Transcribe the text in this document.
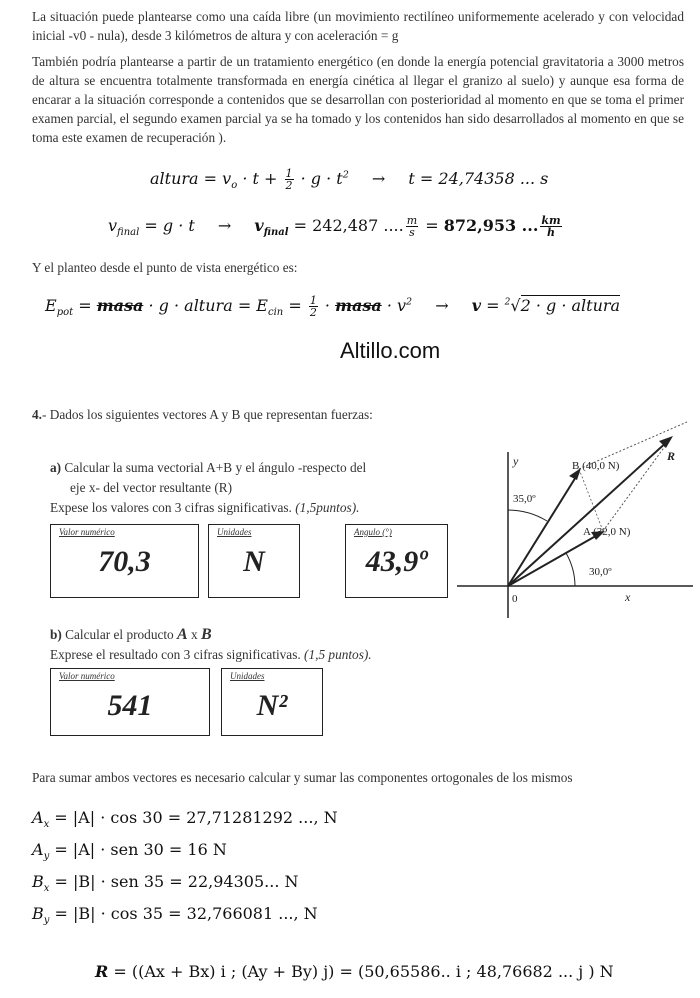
La situación puede plantearse como una caída libre (un movimiento rectilíneo uniformemente acelerado y con velocidad inicial -v0 - nula), desde 3 kilómetros de altura y con aceleración = g
También podría plantearse a partir de un tratamiento energético (en donde la energía potencial gravitatoria a 3000 metros de altura se encuentra totalmente transformada en energía cinética al llegar el granizo al suelo) y aunque esa forma de encarar a la situación corresponde a contenidos que se desarrollan con posterioridad al momento en que se toma el primer examen parcial, el segundo examen parcial ya se ha tomado y los contenidos han sido desarrollados al momento en que se toma este examen de recuperación ).
altura = $v_o \cdot t + \frac{1}{2} \cdot g \cdot t^2 \to t = 24,74358$ ... s
$v_{final} = g \cdot t \to v_{final} = 242,487$ .... $\frac{m}{s} = 872,953$ ... $\frac{km}{h}$
Y el planteo desde el punto de vista energético es:
$E_{pot}$ = masa · g · altura = $E_{cin} = \frac{1}{2}$ · masa · $v^2 \to v = ^2√2 \cdot g$ · altura
Altillo.com
4.- Dados los siguientes vectores A y B que representan fuerzas:
a) Calcular la suma vectorial A+B y el ángulo -respecto del
eje x- del vector resultante (R)
Expese los valores con 3 cifras significativas. (1,5puntos).
Valor numérico
70,3
Unidades
N
Angulo (°)
43,9º
b) Calcular el producto A x B
Exprese el resultado con 3 cifras significativas. (1,5 puntos).
Valor numérico
541
Unidades
N²
y
x
0
B (40,0 N)
A (32,0 N)
R
35,0º
30,0º
Para sumar ambos vectores es necesario calcular y sumar las componentes ortogonales de los mismos
$A_x = |A| \cdot \cos 30 = 27,71281292$ ..., N
$A_y = |A|$ · sen 30 = 16 N
$B_x = |B|$ · sen 35 = 22,94305... N
$B_y = |B| \cdot \cos 35 = 32,766081$ ..., N
R = ((Ax + Bx) i ; (Ay + By) j) = (50,65586.. i ; 48,76682 ... j ) N
